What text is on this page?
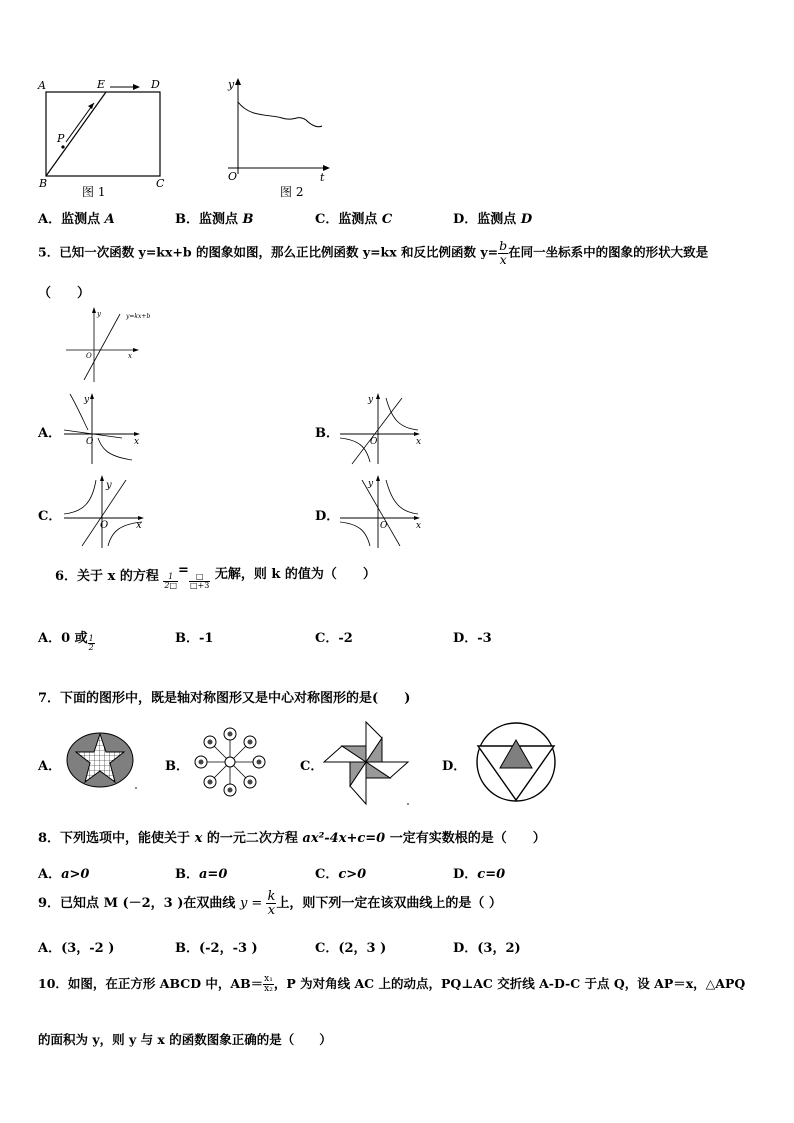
A	E	D
P
B	C
图 1
y
O	t
图 2
A．监测点 A	B．监测点 B	C．监测点 C	D．监测点 D
5．已知一次函数 y=kx+b 的图象如图，那么正比例函数 y=kx 和反比例函数 $y= \frac{b}{x}$ 在同一坐标系中的图象的形状大致是
（　　）
y
O	x
y=kx+b
A．
y
O	x
B．
y
O	x
C．
y
O	x
D．
y
O	x
6．关于 x 的方程 $\frac{1}{2□}$
=
$\frac{□}{□+3}$ 无解，则 k 的值为（　　）
A．0 或 $\frac{1}{2}$	B．-1	C．-2	D．-3
7．下面的图形中，既是轴对称图形又是中心对称图形的是(　　)
A．	B．	C．	D．
8．下列选项中，能使关于 x 的一元二次方程 ax²-4x+c=0 一定有实数根的是（　　）
A．a>0	B．a=0	C．c>0	D．c=0
9．已知点 M (－2，3 )在双曲线 $y = \frac{k}{x}$ 上，则下列一定在该双曲线上的是（ ）
A．(3，-2 )	B．(-2，-3 )	C．(2，3 )	D．(3，2)
10．如图，在正方形 ABCD 中，$AB= \frac{\text{x₁}}{\text{x₂}}$ ，P 为对角线 AC 上的动点，PQ⊥AC 交折线 A-D-C 于点 Q，设 AP＝x，△APQ
的面积为 y，则 y 与 x 的函数图象正确的是（　　）
